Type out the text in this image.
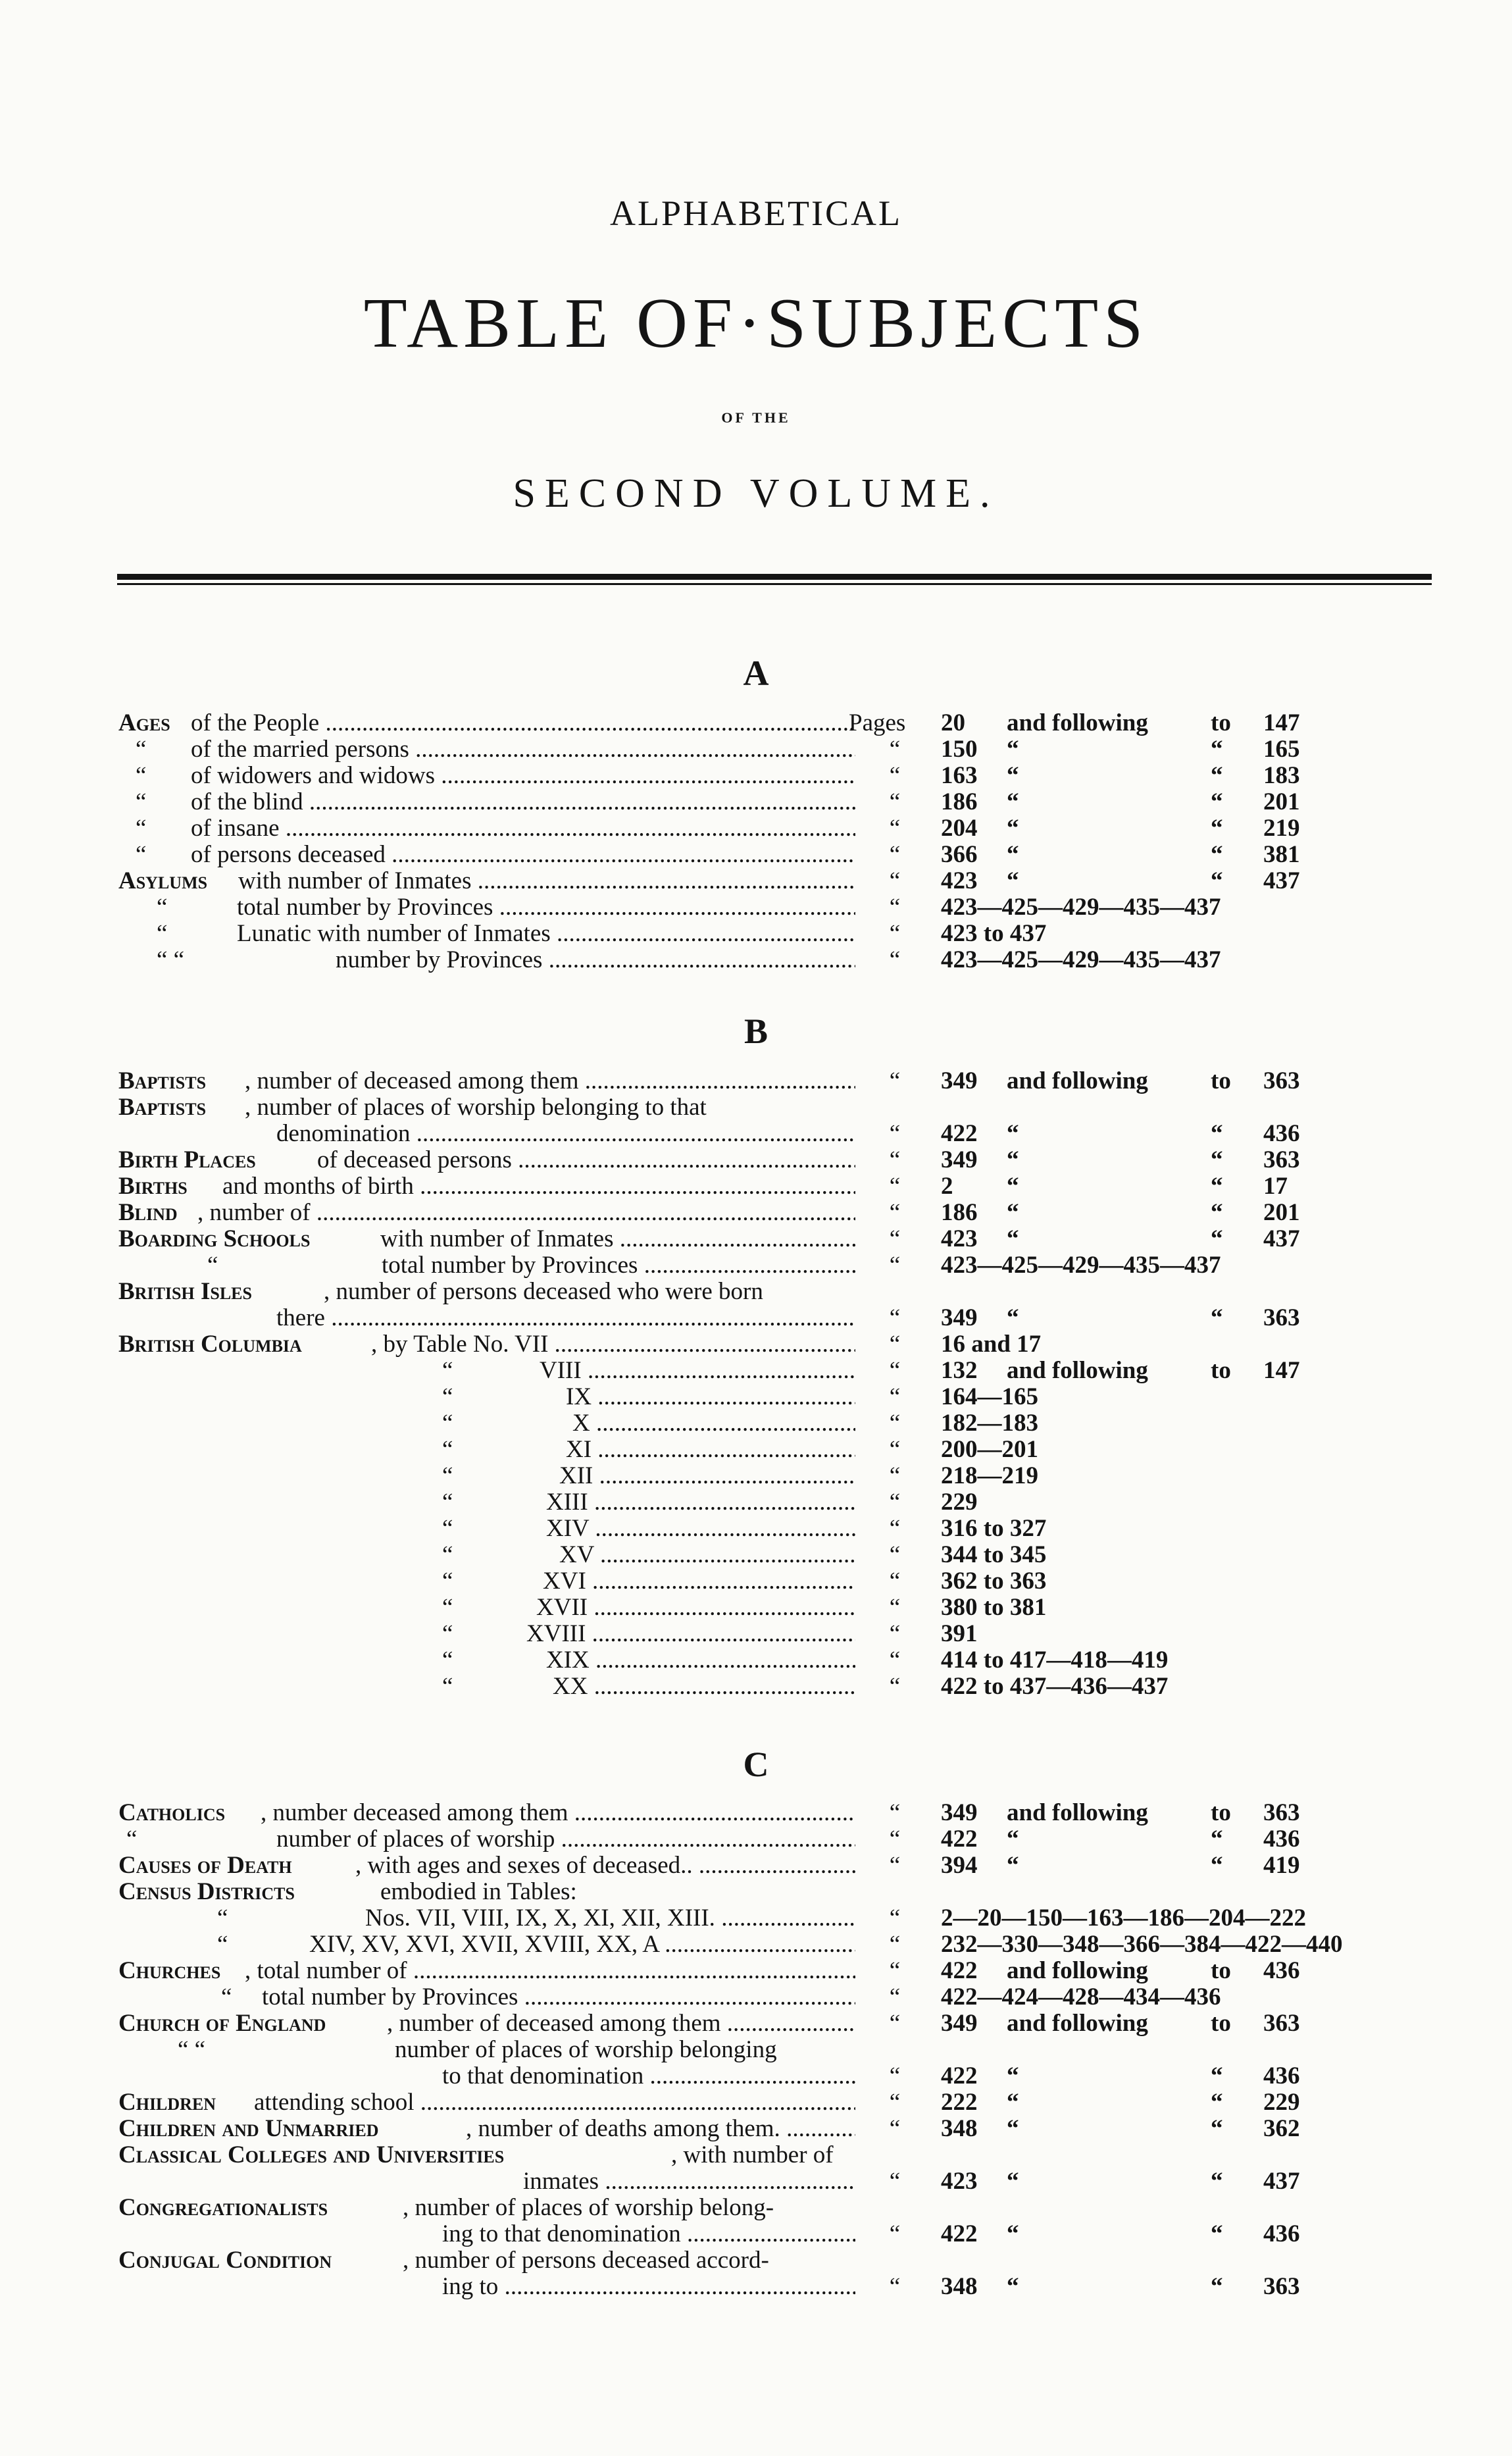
ALPHABETICAL
TABLE OF·SUBJECTS
OF THE
SECOND VOLUME.
A
B
C
Ages of the People .....	Pages 20 and following	to 147
“ of the married persons .....	“ 150 “	“ 165
“ of widowers and widows .....	“ 163 “	“ 183
“ of the blind .....	“ 186 “	“ 201
“ of insane .....	“ 204 “	“ 219
“ of persons deceased .....	“ 366 “	“ 381
Asylums with number of Inmates .....	“ 423 “	“ 437
“	total number by Provinces .....	“ 423—425—429—435—437
“	Lunatic with number of Inmates .....	“ 423 to 437
“ “	number by Provinces .....	“ 423—425—429—435—437
Baptists , number of deceased among them .....	“ 349 and following	to 363
Baptists , number of places of worship belonging to that
denomination .....	“ 422 “	“ 436
Birth Places	of deceased persons .....	“ 349 “	“ 363
Births and months of birth .....	“ 2 “	“ 17
Blind , number of .....	“ 186 “	“ 201
Boarding Schools	with number of Inmates .....	“ 423 “	“ 437
“	total number by Provinces .....	“ 423—425—429—435—437
British Isles	, number of persons deceased who were born
there .....	“ 349 “	“ 363
British Columbia	, by Table No. VII .....	“ 16 and 17
“	VIII .....	“ 132 and following	to 147
“	IX .....	“ 164—165
“	X .....	“ 182—183
“	XI .....	“ 200—201
“	XII .....	“ 218—219
“	XIII .....	“ 229
“	XIV .....	“ 316 to 327
“	XV .....	“ 344 to 345
“	XVI .....	“ 362 to 363
“	XVII .....	“ 380 to 381
“	XVIII .....	“ 391
“	XIX .....	“ 414 to 417—418—419
“	XX .....	“ 422 to 437—436—437
Catholics , number deceased among them .....	“ 349 and following	to 363
“	number of places of worship .....	“ 422 “	“ 436
Causes of Death	, with ages and sexes of deceased.. .....	“ 394 “	“ 419
Census Districts	embodied in Tables:
“	Nos. VII, VIII, IX, X, XI, XII, XIII. .....	“ 2—20—150—163—186—204—222
“	XIV, XV, XVI, XVII, XVIII, XX, A .....	“ 232—330—348—366—384—422—440
Churches , total number of .....	“ 422 and following	to 436
“ total number by Provinces .....	“ 422—424—428—434—436
Church of England	, number of deceased among them .....	“ 349 and following	to 363
“ “	number of places of worship belonging
to that denomination .....	“ 422 “	“ 436
Children attending school .....	“ 222 “	“ 229
Children and Unmarried	, number of deaths among them. .....	“ 348 “	“ 362
Classical Colleges and Universities	, with number of
inmates .....	“ 423 “	“ 437
Congregationalists	, number of places of worship belong-
ing to that denomination .....	“ 422 “	“ 436
Conjugal Condition	, number of persons deceased accord-
ing to .....	“ 348 “	“ 363
